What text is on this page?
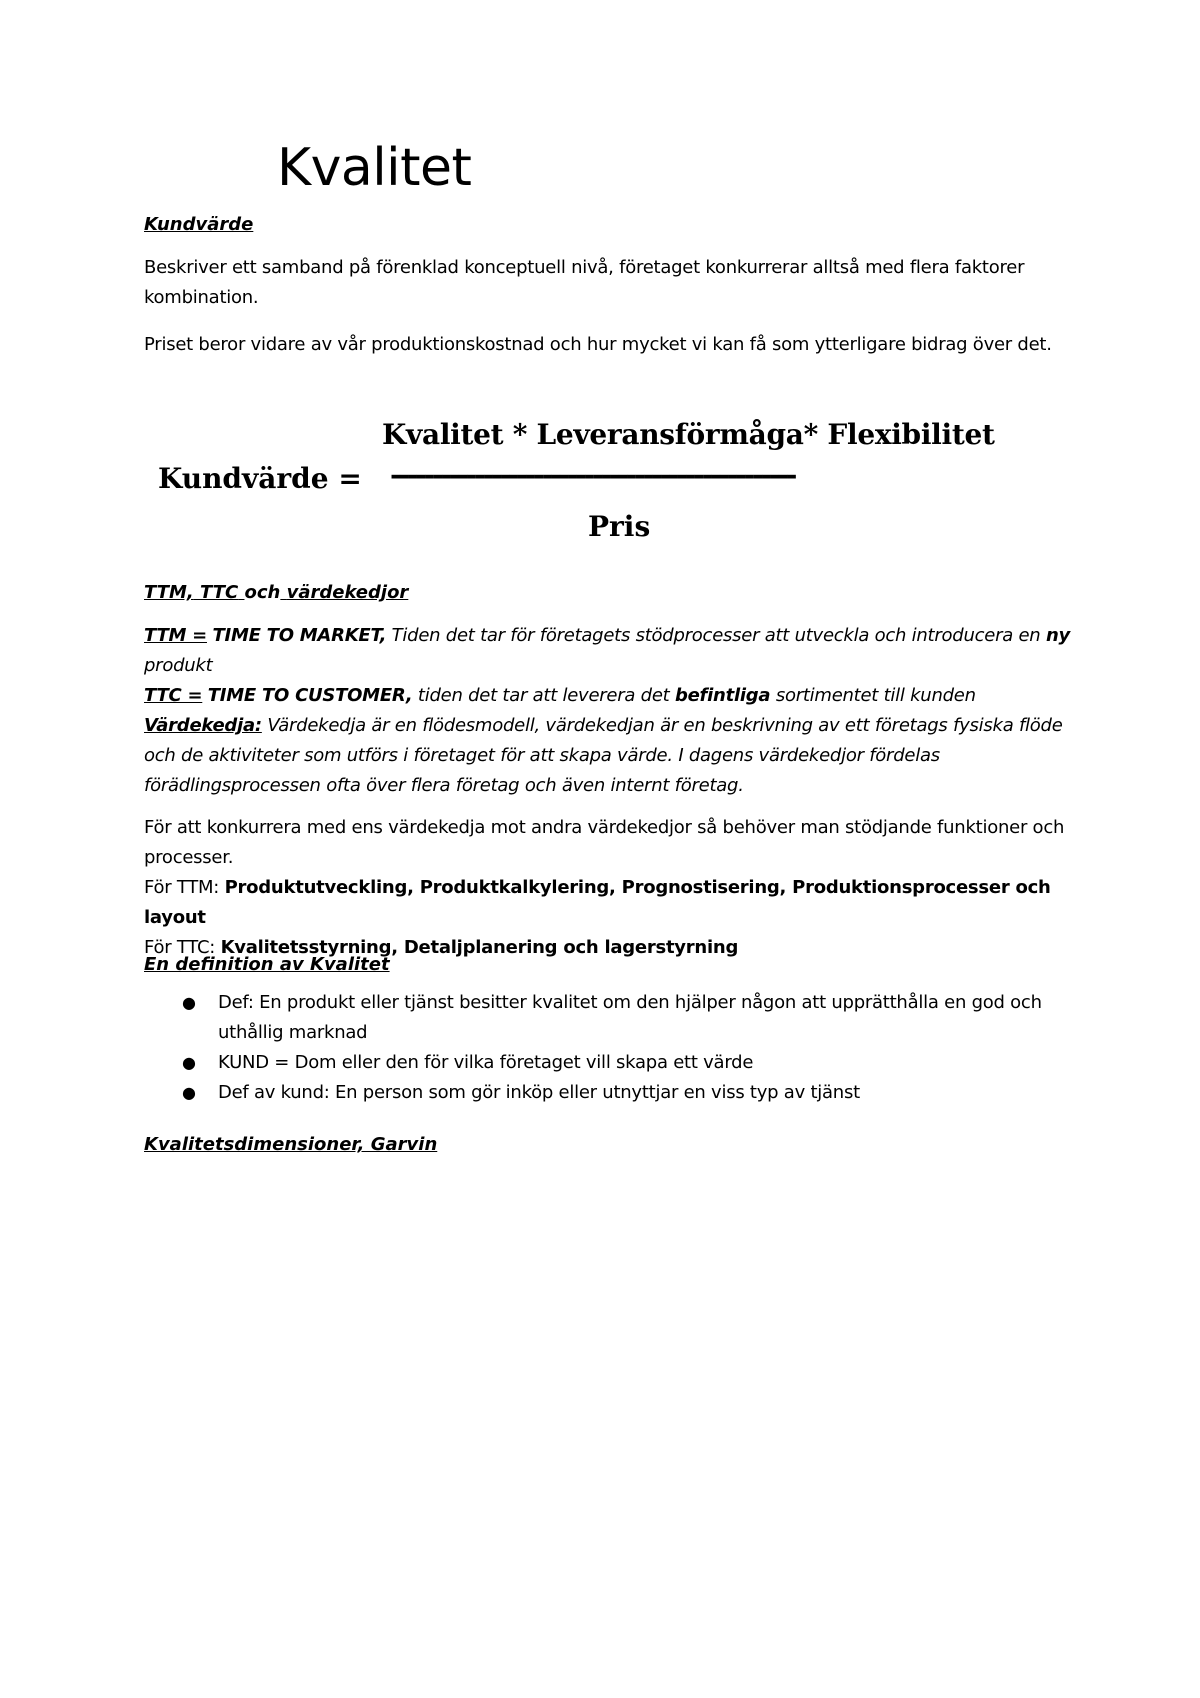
Kvalitet
Kundvärde

Beskriver ett samband på förenklad konceptuell nivå, företaget konkurrerar alltså med flera faktorer kombination.

Priset beror vidare av vår produktionskostnad och hur mycket vi kan få som ytterligare bidrag över det.

Kvalitet * Leveransförmåga* Flexibilitet
Kundvärde = ------------------------------------------------
Pris
TTM, TTC och värdekedjor

TTM = TIME TO MARKET, Tiden det tar för företagets stödprocesser att utveckla och introducera en ny produkt

TTC = TIME TO CUSTOMER, tiden det tar att leverera det befintliga sortimentet till kunden

Värdekedja: Värdekedja är en flödesmodell, värdekedjan är en beskrivning av ett företags fysiska flöde och de aktiviteter som utförs i företaget för att skapa värde. I dagens värdekedjor fördelas förädlingsprocessen ofta över flera företag och även internt företag.

För att konkurrera med ens värdekedja mot andra värdekedjor så behöver man stödjande funktioner och processer.

För TTM: Produktutveckling, Produktkalkylering, Prognostisering, Produktionsprocesser och layout

För TTC: Kvalitetsstyrning, Detaljplanering och lagerstyrning

En definition av Kvalitet
● Def: En produkt eller tjänst besitter kvalitet om den hjälper någon att upprätthålla en god och uthållig marknad
● KUND = Dom eller den för vilka företaget vill skapa ett värde
● Def av kund: En person som gör inköp eller utnyttjar en viss typ av tjänst
Kvalitetsdimensioner, Garvin
